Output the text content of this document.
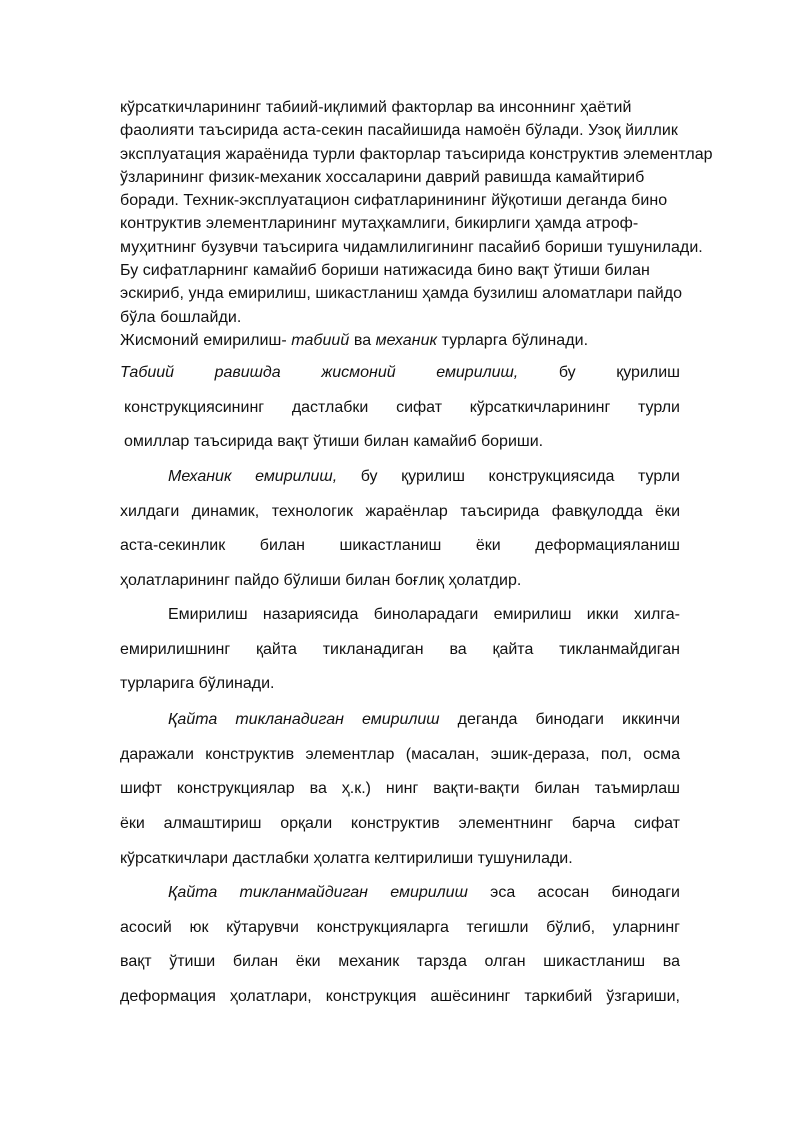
кўрсаткичларининг табиий-иқлимий факторлар ва инсоннинг ҳаётий
фаолияти таъсирида аста-секин пасайишида намоён бўлади. Узоқ йиллик
эксплуатация жараёнида турли факторлар таъсирида конструктив элементлар
ўзларининг физик-механик хоссаларини даврий равишда камайтириб
боради. Техник-эксплуатацион сифатларинининг йўқотиши деганда бино
контруктив элементларининг мутаҳкамлиги, бикирлиги ҳамда атроф-
муҳитнинг бузувчи таъсирига чидамлилигининг пасайиб бориши тушунилади.
Бу сифатларнинг камайиб бориши натижасида бино вақт ўтиши билан
эскириб, унда емирилиш, шикастланиш ҳамда бузилиш аломатлари пайдо
бўла бошлайди.
Жисмоний емирилиш- табиий ва механик турларга бўлинади.
Табиий равишда жисмоний емирилиш, бу қурилиш
конструкциясининг дастлабки сифат кўрсаткичларининг турли
омиллар таъсирида вақт ўтиши билан камайиб бориши.
Механик емирилиш, бу қурилиш конструкциясида турли
хилдаги динамик, технологик жараёнлар таъсирида фавқулодда ёки
аста-секинлик билан шикастланиш ёки деформацияланиш
ҳолатларининг пайдо бўлиши билан боғлиқ ҳолатдир.
Емирилиш назариясида биноларадаги емирилиш икки хилга-
емирилишнинг қайта тикланадиган ва қайта тикланмайдиган
турларига бўлинади.
Қайта тикланадиган емирилиш деганда бинодаги иккинчи
даражали конструктив элементлар (масалан, эшик-дераза, пол, осма
шифт конструкциялар ва ҳ.к.) нинг вақти-вақти билан таъмирлаш
ёки алмаштириш орқали конструктив элементнинг барча сифат
кўрсаткичлари дастлабки ҳолатга келтирилиши тушунилади.
Қайта тикланмайдиган емирилиш эса асосан бинодаги
асосий юк кўтарувчи конструкцияларга тегишли бўлиб, уларнинг
вақт ўтиши билан ёки механик тарзда олган шикастланиш ва
деформация ҳолатлари, конструкция ашёсининг таркибий ўзгариши,
